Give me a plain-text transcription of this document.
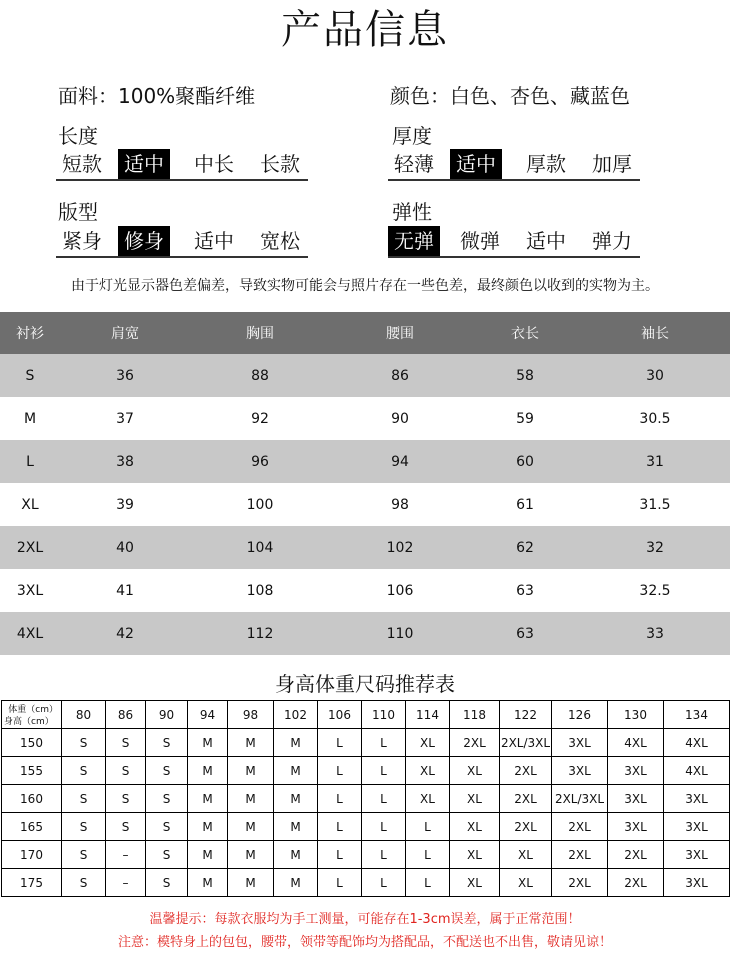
产品信息
面料：100%聚酯纤维	颜色：白色、杏色、藏蓝色
长度
短款	适中	中长	长款
厚度
轻薄	适中	厚款	加厚
版型
紧身	修身	适中	宽松
弹性
无弹	微弹	适中	弹力
由于灯光显示器色差偏差，导致实物可能会与照片存在一些色差，最终颜色以收到的实物为主。
衬衫	肩宽	胸围	腰围	衣长	袖长
S	36	88	86	58	30
M	37	92	90	59	30.5
L	38	96	94	60	31
XL	39	100	98	61	31.5
2XL	40	104	102	62	32
3XL	41	108	106	63	32.5
4XL	42	112	110	63	33
身高体重尺码推荐表
体重（cm）
身高（cm）	80	86	90	94	98	102	106	110	114	118	122	126	130	134
150	S	S	S	M	M	M	L	L	XL	2XL	2XL/3XL	3XL	4XL	4XL
155	S	S	S	M	M	M	L	L	XL	XL	2XL	3XL	3XL	4XL
160	S	S	S	M	M	M	L	L	XL	XL	2XL	2XL/3XL	3XL	3XL
165	S	S	S	M	M	M	L	L	L	XL	2XL	2XL	3XL	3XL
170	S	–	S	M	M	M	L	L	L	XL	XL	2XL	2XL	3XL
175	S	–	S	M	M	M	L	L	L	XL	XL	2XL	2XL	3XL
温馨提示：每款衣服均为手工测量，可能存在1-3cm误差，属于正常范围！
注意：模特身上的包包，腰带，领带等配饰均为搭配品，不配送也不出售，敬请见谅！
